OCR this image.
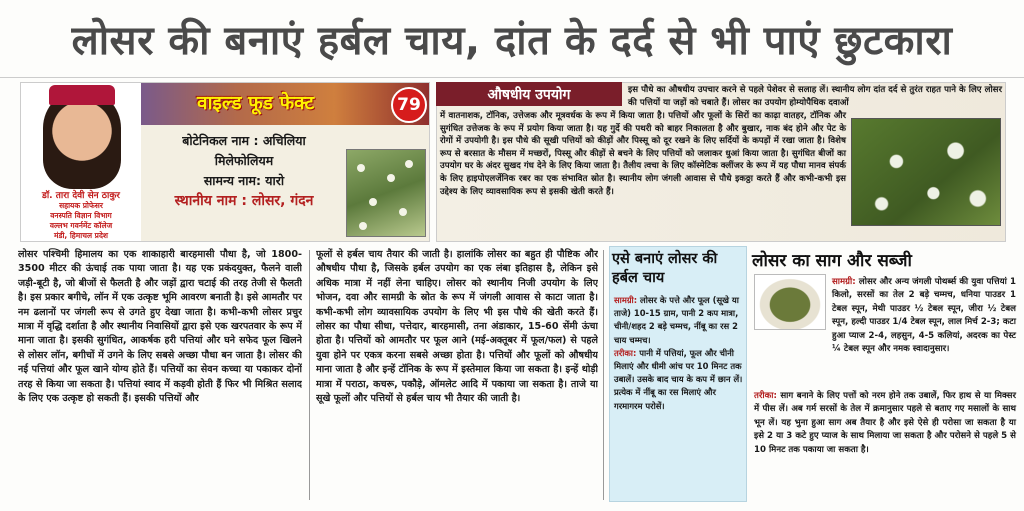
लोसर की बनाएं हर्बल चाय, दांत के दर्द से भी पाएं छुटकारा
डॉ. तारा देवी सेन ठाकुर
सहायक प्रोफेसर
वनस्पति विज्ञान विभाग
वल्लभ गवर्नमेंट कॉलेज
मंडी, हिमाचल प्रदेश
वाइल्ड फूड फेक्ट	79
बोटेनिकल नाम : अचिलिया
मिलेफोलियम
सामन्य नाम: यारो
स्थानीय नाम : लोसर, गंदन
औषधीय उपयोग	इस पौधे का औषधीय उपचार करने से पहले पेशेवर से सलाह लें। स्थानीय लोग दांत दर्द से तुरंत राहत पाने के लिए लोसर की पत्तियों या जड़ों को चबाते हैं। लोसर का उपयोग होम्योपैथिक दवाओं
में वातनाशक, टॉनिक, उत्तेजक और मूत्रवर्धक के रूप में किया जाता है। पत्तियों और फूलों के सिरों का काढ़ा वातहर, टॉनिक और सुगंधित उत्तेजक के रूप में प्रयोग किया जाता है। यह गुर्दे की पथरी को बाहर निकालता है और बुखार, नाक बंद होने और पेट के रोगों में उपयोगी है। इस पौधे की सूखी पत्तियों को कीड़ों और पिस्सू को दूर रखने के लिए सर्दियों के कपड़ों में रखा जाता है। विशेष रूप से बरसात के मौसम में मच्छरों, पिस्सू और कीड़ों से बचने के लिए पत्तियों को जलाकर धुआं किया जाता है। सुगंधित बीजों का उपयोग घर के अंदर सुखद गंध देने के लिए किया जाता है। तैलीय त्वचा के लिए कॉस्मेटिक क्लींजर के रूप में यह पौधा मानव संपर्क के लिए हाइपोएलर्जेनिक रबर का एक संभावित स्रोत है। स्थानीय लोग जंगली आवास से पौधे इकठ्ठा करते हैं और कभी-कभी इस उद्देश्य के लिए व्यावसायिक रूप से इसकी खेती करते हैं।
लोसर पश्चिमी हिमालय का एक शाकाहारी बारहमासी पौधा है, जो 1800-3500 मीटर की ऊंचाई तक पाया जाता है। यह एक प्रकंदयुक्त, फैलने वाली जड़ी-बूटी है, जो बीजों से फैलती है और जड़ों द्वारा चटाई की तरह तेजी से फैलती है। इस प्रकार बगीचे, लॉन में एक उत्कृष्ट भूमि आवरण बनाती है। इसे आमतौर पर नम ढलानों पर जंगली रूप से उगते हुए देखा जाता है। कभी-कभी लोसर प्रचुर मात्रा में वृद्धि दर्शाता है और स्थानीय निवासियों द्वारा इसे एक खरपतवार के रूप में माना जाता है। इसकी सुगंधित, आकर्षक हरी पत्तियां और घने सफेद फूल खिलने से लोसर लॉन, बगीचों में उगने के लिए सबसे अच्छा पौधा बन जाता है। लोसर की नई पत्तियां और फूल खाने योग्य होते हैं। पत्तियों का सेवन कच्चा या पकाकर दोनों तरह से किया जा सकता है। पत्तियां स्वाद में कड़वी होती हैं फिर भी मिश्रित सलाद के लिए एक उत्कृष्ट हो सकती हैं। इसकी पत्तियों और
फूलों से हर्बल चाय तैयार की जाती है। हालांकि लोसर का बहुत ही पौष्टिक और औषधीय पौधा है, जिसके हर्बल उपयोग का एक लंबा इतिहास है, लेकिन इसे अधिक मात्रा में नहीं लेना चाहिए। लोसर को स्थानीय निजी उपयोग के लिए भोजन, दवा और सामग्री के स्रोत के रूप में जंगली आवास से काटा जाता है। कभी-कभी लोग व्यावसायिक उपयोग के लिए भी इस पौधे की खेती करते हैं। लोसर का पौधा सीधा, पत्तेदार, बारहमासी, तना अंडाकार, 15-60 सेंमी ऊंचा होता है। पत्तियों को आमतौर पर फूल आने (मई-अक्तूबर में फूल/फल) से पहले युवा होने पर एकत्र करना सबसे अच्छा होता है। पत्तियों और फूलों को औषधीय माना जाता है और इन्हें टॉनिक के रूप में इस्तेमाल किया जा सकता है। इन्हें थोड़ी मात्रा में पराठा, कचरू, पकौड़े, ऑमलेट आदि में पकाया जा सकता है। ताजे या सूखे फूलों और पत्तियों से हर्बल चाय भी तैयार की जाती है।
एसे बनाएं लोसर की हर्बल चाय
सामग्री: लोसर के पत्ते और फूल (सूखे या ताजे) 10-15 ग्राम, पानी 2 कप मात्रा, चीनी/शहद 2 बड़े चम्मच, नींबू का रस 2 चाय चम्मच।
तरीका: पानी में पत्तियां, फूल और चीनी मिलाएं और धीमी आंच पर 10 मिनट तक उबालें। उसके बाद चाय के कप में छान लें। प्रत्येक में नींबू का रस मिलाएं और गरमागरम परोसें।
लोसर का साग और सब्जी
सामग्री: लोसर और अन्य जंगली पोथर्ब्स की युवा पत्तियां 1 किलो, सरसों का तेल 2 बड़े चम्मच, धनिया पाउडर 1 टेबल स्पून, मेथी पाउडर ½ टेबल स्पून, जीरा ½ टेबल स्पून, हल्दी पाउडर 1/4 टेबल स्पून, लाल मिर्च 2-3; कटा हुआ प्याज 2-4, लहसुन, 4-5 कलियां, अदरक का पेस्ट ¼ टेबल स्पून और नमक स्वादानुसार।
तरीका: साग बनाने के लिए पत्तों को नरम होने तक उबालें, फिर हाथ से या मिक्सर में पीस लें। अब गर्म सरसों के तेल में क्रमानुसार पहले से बताए गए मसालों के साथ भून लें। यह भुना हुआ साग अब तैयार है और इसे ऐसे ही परोसा जा सकता है या इसे 2 या 3 कटे हुए प्याज के साथ मिलाया जा सकता है और परोसने से पहले 5 से 10 मिनट तक पकाया जा सकता है।
